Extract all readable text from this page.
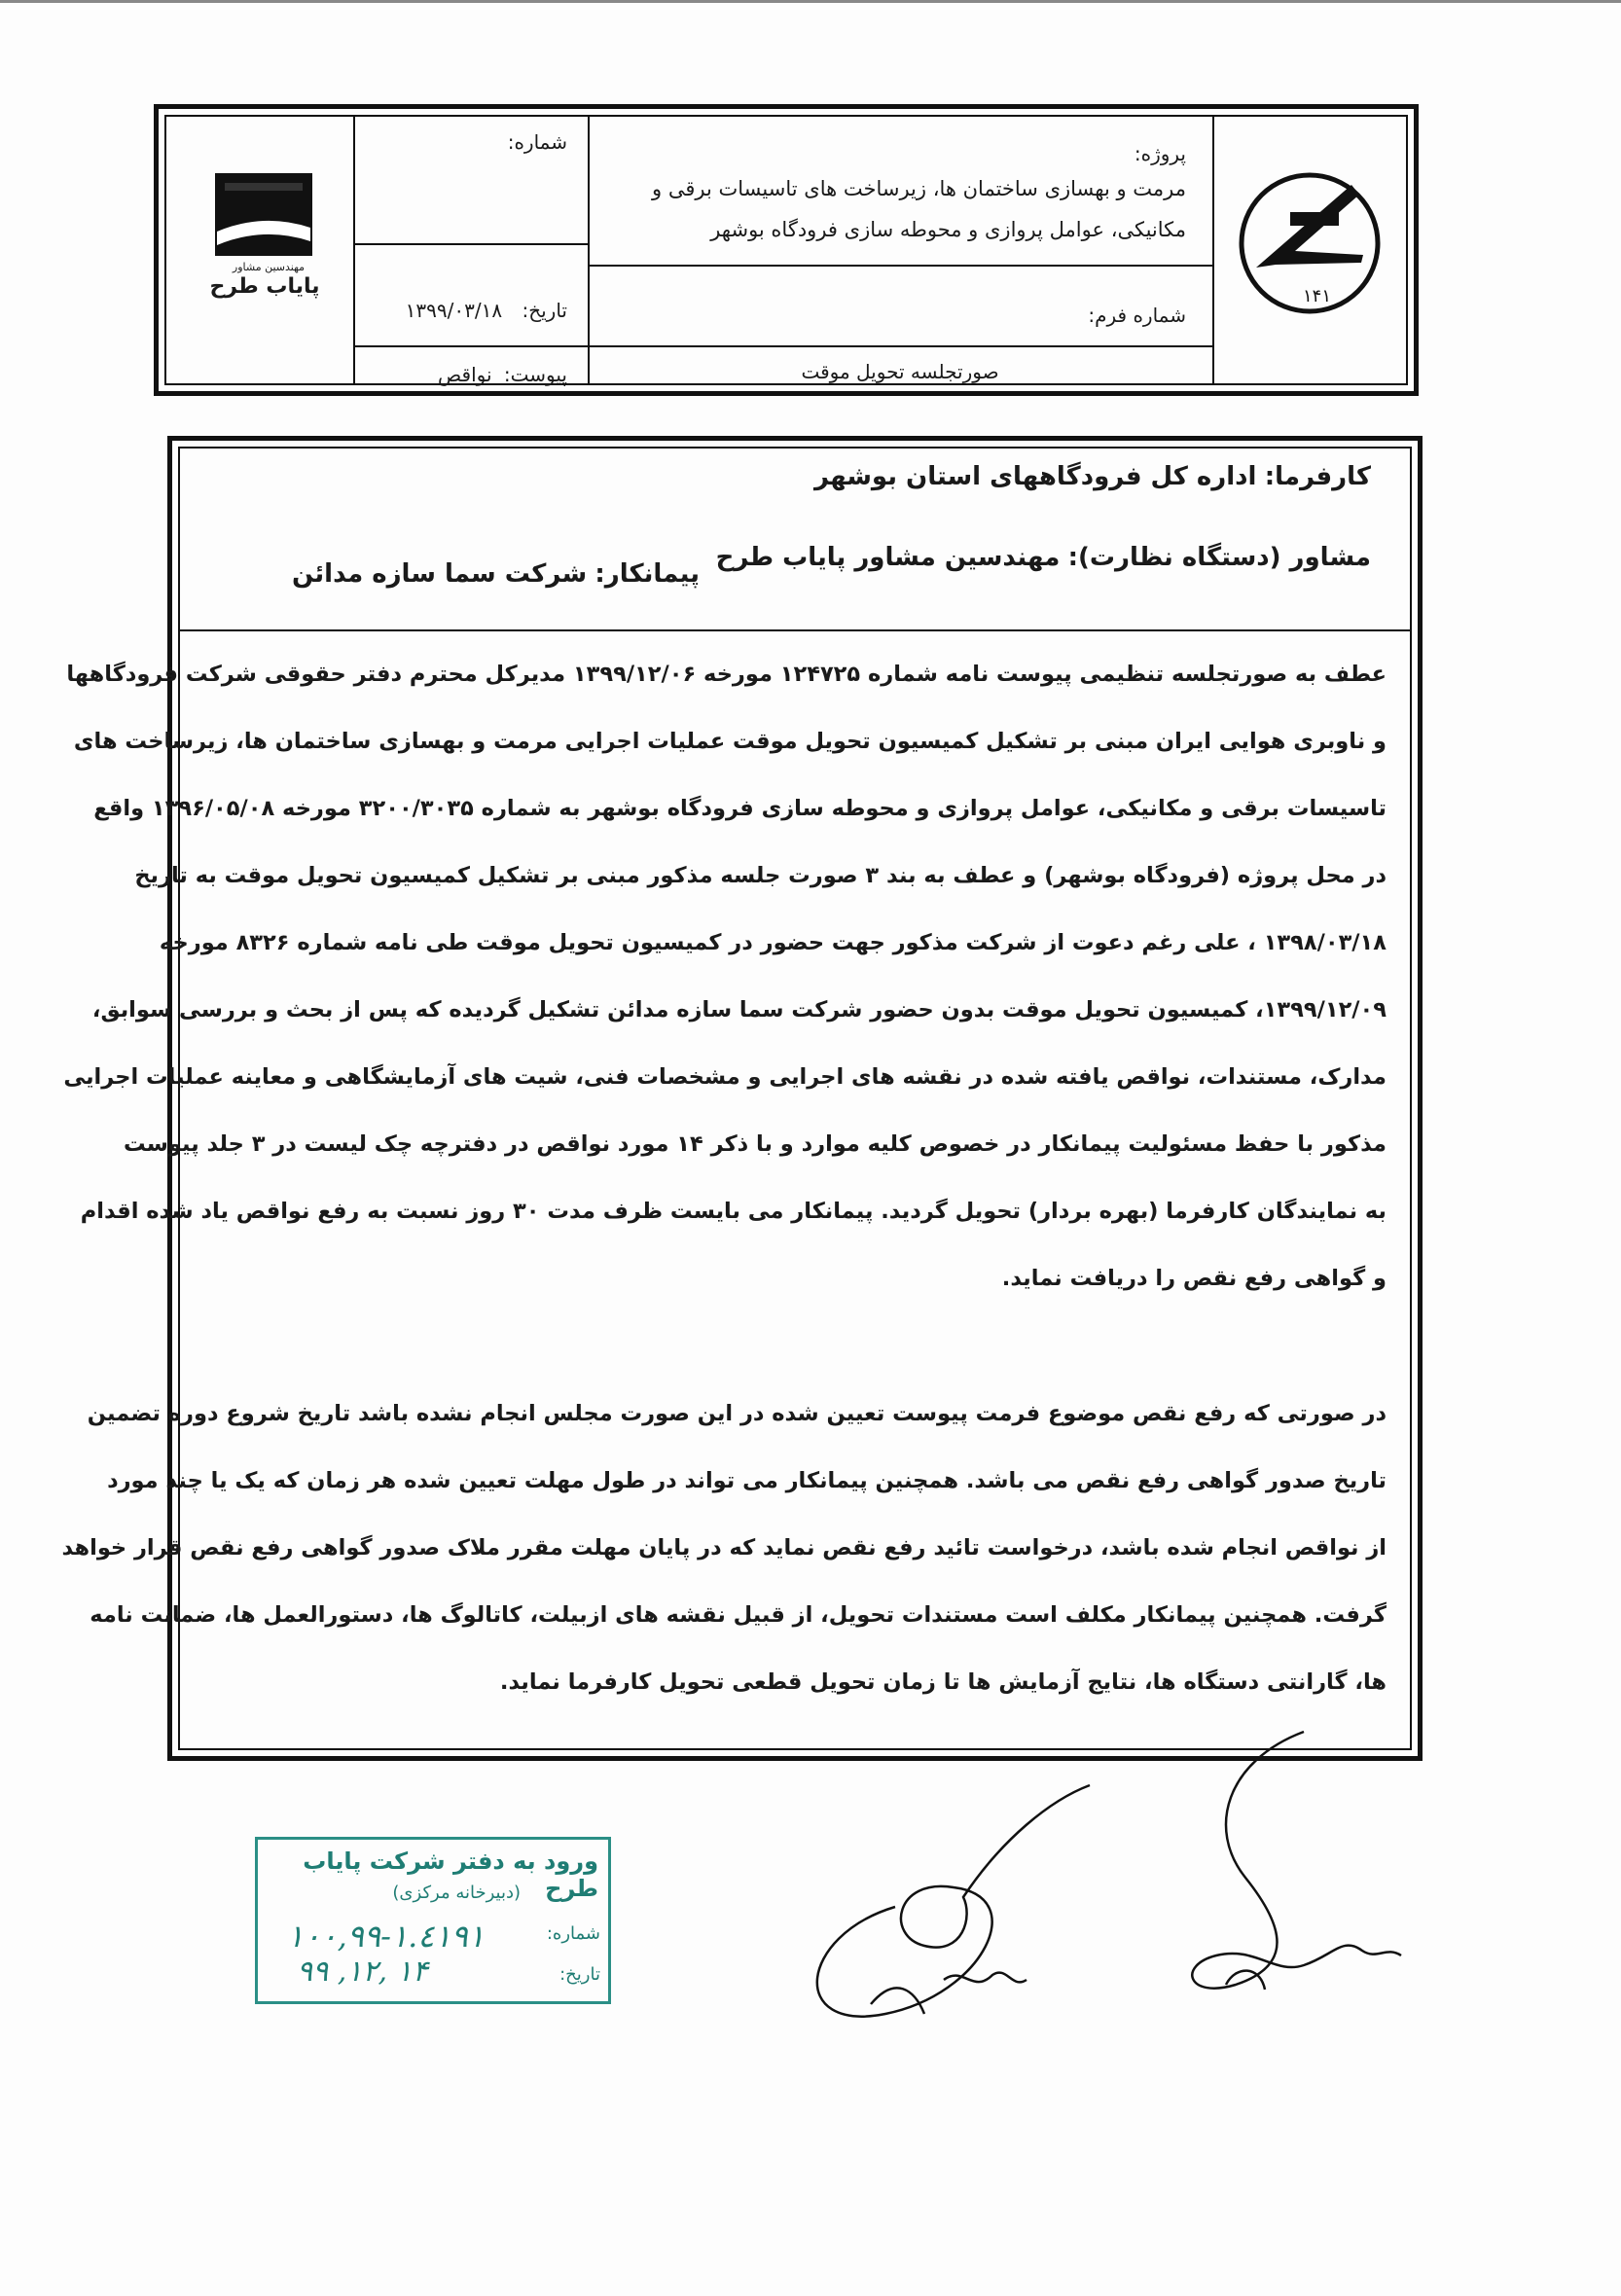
مهندسین مشاور
پایاب طرح
شماره:
تاریخ: ۱۳۹۹/۰۳/۱۸
پیوست: نواقص
پروژه:
مرمت و بهسازی ساختمان ها، زیرساخت های تاسیسات برقی و
مکانیکی، عوامل پروازی و محوطه سازی فرودگاه بوشهر
شماره فرم:
صورتجلسه تحویل موقت
۱۴۱
کارفرما: اداره کل فرودگاههای استان بوشهر
مشاور (دستگاه نظارت): مهندسین مشاور پایاب طرح
پیمانکار: شرکت سما سازه مدائن
عطف به صورتجلسه تنظیمی پیوست نامه شماره ۱۲۴۷۲۵ مورخه ۱۳۹۹/۱۲/۰۶ مدیرکل محترم دفتر حقوقی شرکت فرودگاهها
و ناوبری هوایی ایران مبنی بر تشکیل کمیسیون تحویل موقت عملیات اجرایی مرمت و بهسازی ساختمان ها، زیرساخت های
تاسیسات برقی و مکانیکی، عوامل پروازی و محوطه سازی فرودگاه بوشهر به شماره ۳۲۰۰/۳۰۳۵ مورخه ۱۳۹۶/۰۵/۰۸ واقع
در محل پروژه (فرودگاه بوشهر) و عطف به بند ۳ صورت جلسه مذکور مبنی بر تشکیل کمیسیون تحویل موقت به تاریخ
۱۳۹۸/۰۳/۱۸ ، علی رغم دعوت از شرکت مذکور جهت حضور در کمیسیون تحویل موقت طی نامه شماره ۸۳۲۶ مورخه
۱۳۹۹/۱۲/۰۹، کمیسیون تحویل موقت بدون حضور شرکت سما سازه مدائن تشکیل گردیده که پس از بحث و بررسی سوابق،
مدارک، مستندات، نواقص یافته شده در نقشه های اجرایی و مشخصات فنی، شیت های آزمایشگاهی و معاینه عملیات اجرایی
مذکور با حفظ مسئولیت پیمانکار در خصوص کلیه موارد و با ذکر ۱۴ مورد نواقص در دفترچه چک لیست در ۳ جلد پیوست
به نمایندگان کارفرما (بهره بردار) تحویل گردید. پیمانکار می بایست ظرف مدت ۳۰ روز نسبت به رفع نواقص یاد شده اقدام
و گواهی رفع نقص را دریافت نماید.
در صورتی که رفع نقص موضوع فرمت پیوست تعیین شده در این صورت مجلس انجام نشده باشد تاریخ شروع دوره تضمین
تاریخ صدور گواهی رفع نقص می باشد. همچنین پیمانکار می تواند در طول مهلت تعیین شده هر زمان که یک یا چند مورد
از نواقص انجام شده باشد، درخواست تائید رفع نقص نماید که در پایان مهلت مقرر ملاک صدور گواهی رفع نقص قرار خواهد
گرفت. همچنین پیمانکار مکلف است مستندات تحویل، از قبیل نقشه های ازبیلت، کاتالوگ ها، دستورالعمل ها، ضمانت نامه
ها، گارانتی دستگاه ها، نتایج آزمایش ها تا زمان تحویل قطعی تحویل کارفرما نماید.
ورود به دفتر شرکت پایاب طرح
(دبیرخانه مرکزی)
شماره:
۱۰۰,۹۹-۱.٤۱۹۱
تاریخ:
۹۹ ,۱۲, ۱۴
